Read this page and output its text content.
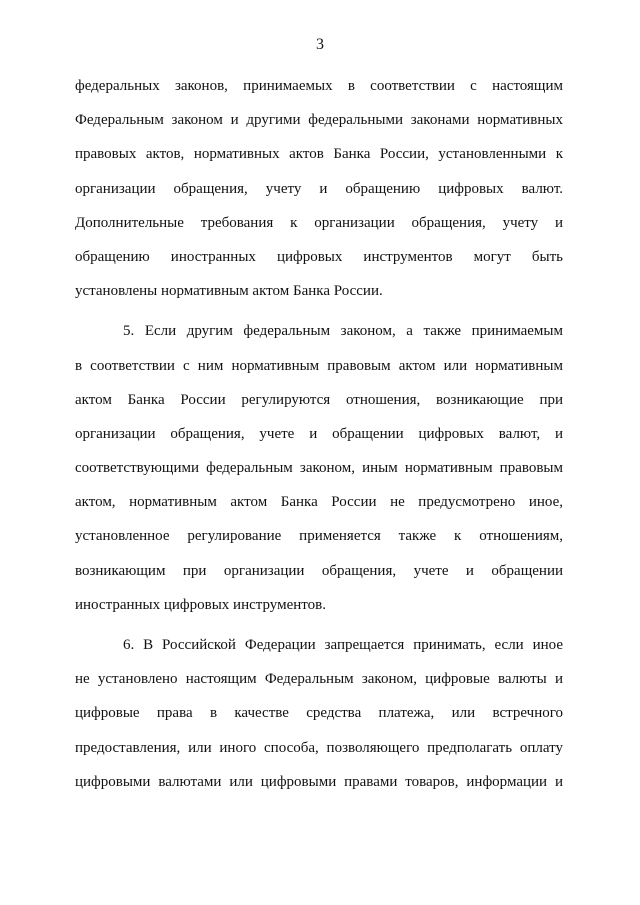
3
федеральных законов, принимаемых в соответствии с настоящим
Федеральным законом и другими федеральными законами нормативных
правовых актов, нормативных актов Банка России, установленными к
организации обращения, учету и обращению цифровых валют.
Дополнительные требования к организации обращения, учету и
обращению иностранных цифровых инструментов могут быть
установлены нормативным актом Банка России.
5. Если другим федеральным законом, а также принимаемым
в соответствии с ним нормативным правовым актом или нормативным
актом Банка России регулируются отношения, возникающие при
организации обращения, учете и обращении цифровых валют, и
соответствующими федеральным законом, иным нормативным правовым
актом, нормативным актом Банка России не предусмотрено иное,
установленное регулирование применяется также к отношениям,
возникающим при организации обращения, учете и обращении
иностранных цифровых инструментов.
6. В Российской Федерации запрещается принимать, если иное
не установлено настоящим Федеральным законом, цифровые валюты и
цифровые права в качестве средства платежа, или встречного
предоставления, или иного способа, позволяющего предполагать оплату
цифровыми валютами или цифровыми правами товаров, информации и
